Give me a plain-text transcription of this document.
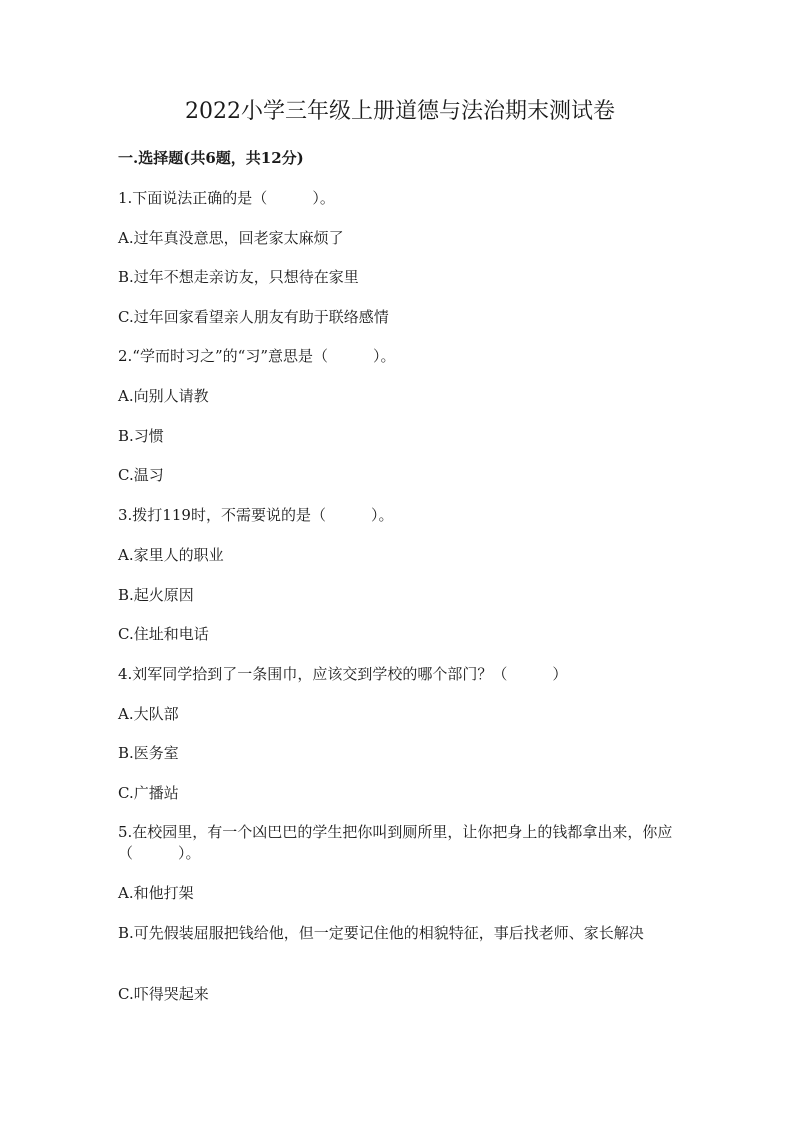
2022小学三年级上册道德与法治期末测试卷

一.选择题(共6题，共12分)

1.下面说法正确的是（　　　）。

A.过年真没意思，回老家太麻烦了

B.过年不想走亲访友，只想待在家里

C.过年回家看望亲人朋友有助于联络感情

2.“学而时习之”的“习”意思是（　　　）。

A.向别人请教

B.习惯

C.温习

3.拨打119时，不需要说的是（　　　）。

A.家里人的职业

B.起火原因

C.住址和电话

4.刘军同学拾到了一条围巾，应该交到学校的哪个部门？（　　　）

A.大队部

B.医务室

C.广播站

5.在校园里，有一个凶巴巴的学生把你叫到厕所里，让你把身上的钱都拿出来，你应（　　　）。

A.和他打架

B.可先假装屈服把钱给他，但一定要记住他的相貌特征，事后找老师、家长解决

C.吓得哭起来
